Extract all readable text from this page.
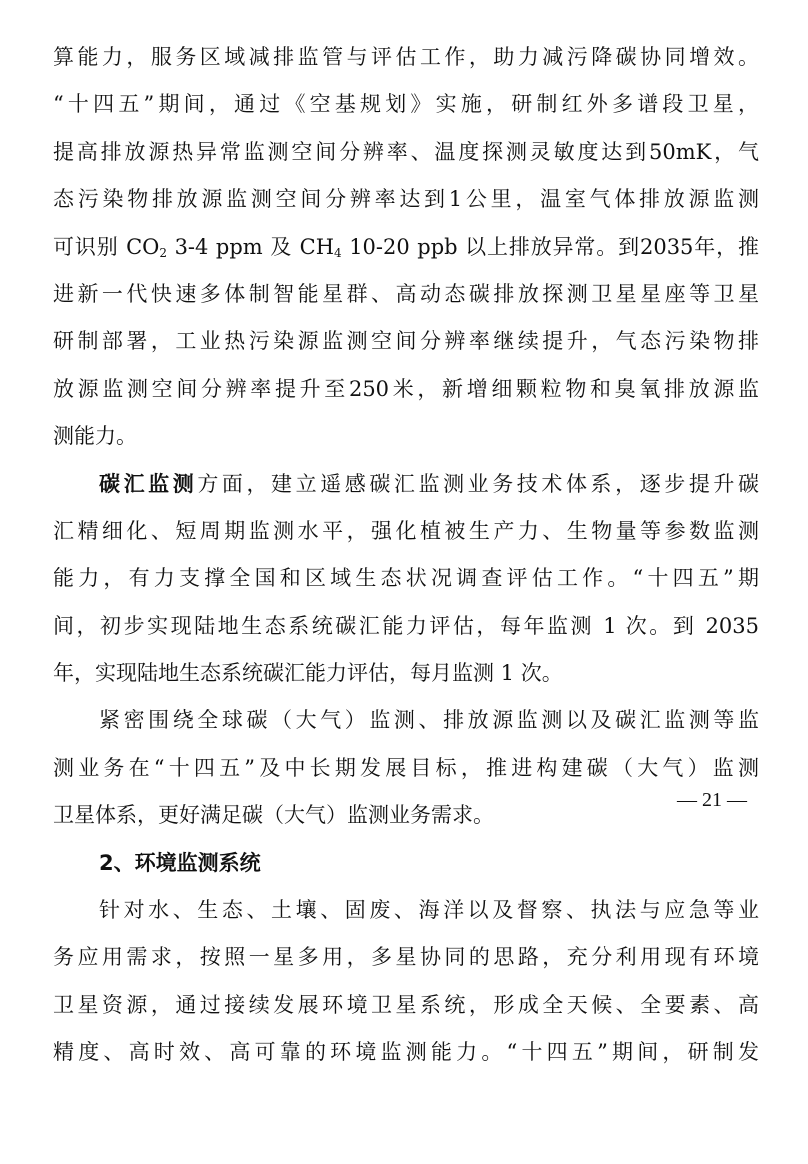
算能力，服务区域减排监管与评估工作，助力减污降碳协同增效。
“十四五”期间，通过《空基规划》实施，研制红外多谱段卫星，
提高排放源热异常监测空间分辨率、温度探测灵敏度达到50mK，气
态污染物排放源监测空间分辨率达到1公里，温室气体排放源监测
可识别 $CO_2$ 3-4 ppm 及 $CH_4$ 10-20 ppb 以上排放异常。到2035年，推
进新一代快速多体制智能星群、高动态碳排放探测卫星星座等卫星
研制部署，工业热污染源监测空间分辨率继续提升，气态污染物排
放源监测空间分辨率提升至250米，新增细颗粒物和臭氧排放源监
测能力。
碳汇监测方面，建立遥感碳汇监测业务技术体系，逐步提升碳
汇精细化、短周期监测水平，强化植被生产力、生物量等参数监测
能力，有力支撑全国和区域生态状况调查评估工作。“十四五”期
间，初步实现陆地生态系统碳汇能力评估，每年监测 1 次。到 2035
年，实现陆地生态系统碳汇能力评估，每月监测 1 次。
紧密围绕全球碳（大气）监测、排放源监测以及碳汇监测等监
测业务在“十四五”及中长期发展目标，推进构建碳（大气）监测
卫星体系，更好满足碳（大气）监测业务需求。
2、环境监测系统
针对水、生态、土壤、固废、海洋以及督察、执法与应急等业
务应用需求，按照一星多用，多星协同的思路，充分利用现有环境
卫星资源，通过接续发展环境卫星系统，形成全天候、全要素、高
精度、高时效、高可靠的环境监测能力。“十四五”期间，研制发
— 21 —
